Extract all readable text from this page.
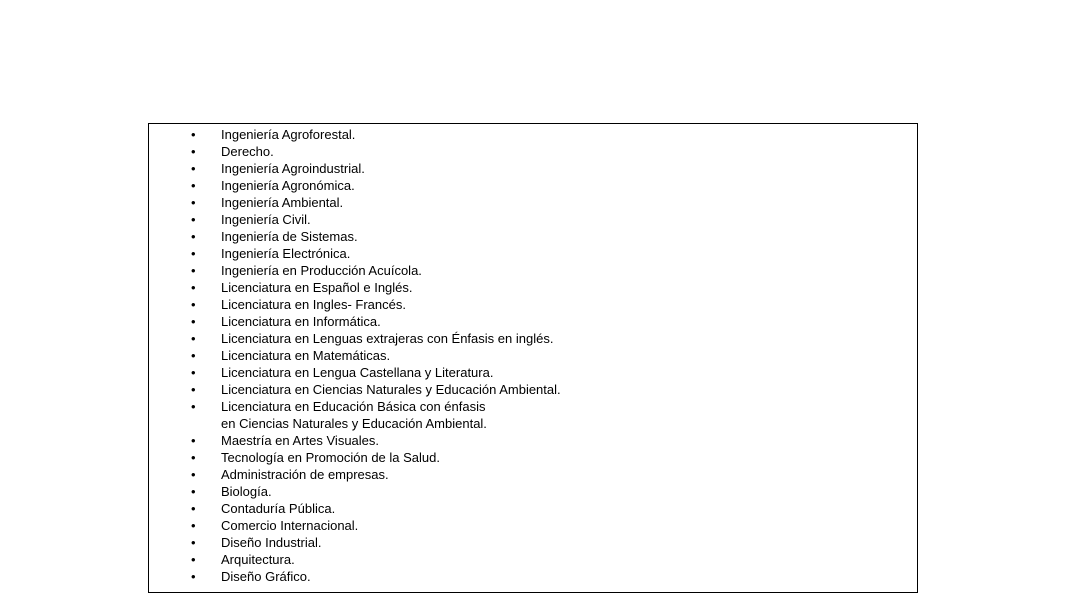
• Ingeniería Agroforestal.
• Derecho.
• Ingeniería Agroindustrial.
• Ingeniería Agronómica.
• Ingeniería Ambiental.
• Ingeniería Civil.
• Ingeniería de Sistemas.
• Ingeniería Electrónica.
• Ingeniería en Producción Acuícola.
• Licenciatura en Español e Inglés.
• Licenciatura en Ingles- Francés.
• Licenciatura en Informática.
• Licenciatura en Lenguas extrajeras con Énfasis en inglés.
• Licenciatura en Matemáticas.
• Licenciatura en Lengua Castellana y Literatura.
• Licenciatura en Ciencias Naturales y Educación Ambiental.
• Licenciatura en Educación Básica con énfasis
en Ciencias Naturales y Educación Ambiental.
• Maestría en Artes Visuales.
• Tecnología en Promoción de la Salud.
• Administración de empresas.
• Biología.
• Contaduría Pública.
• Comercio Internacional.
• Diseño Industrial.
• Arquitectura.
• Diseño Gráfico.
